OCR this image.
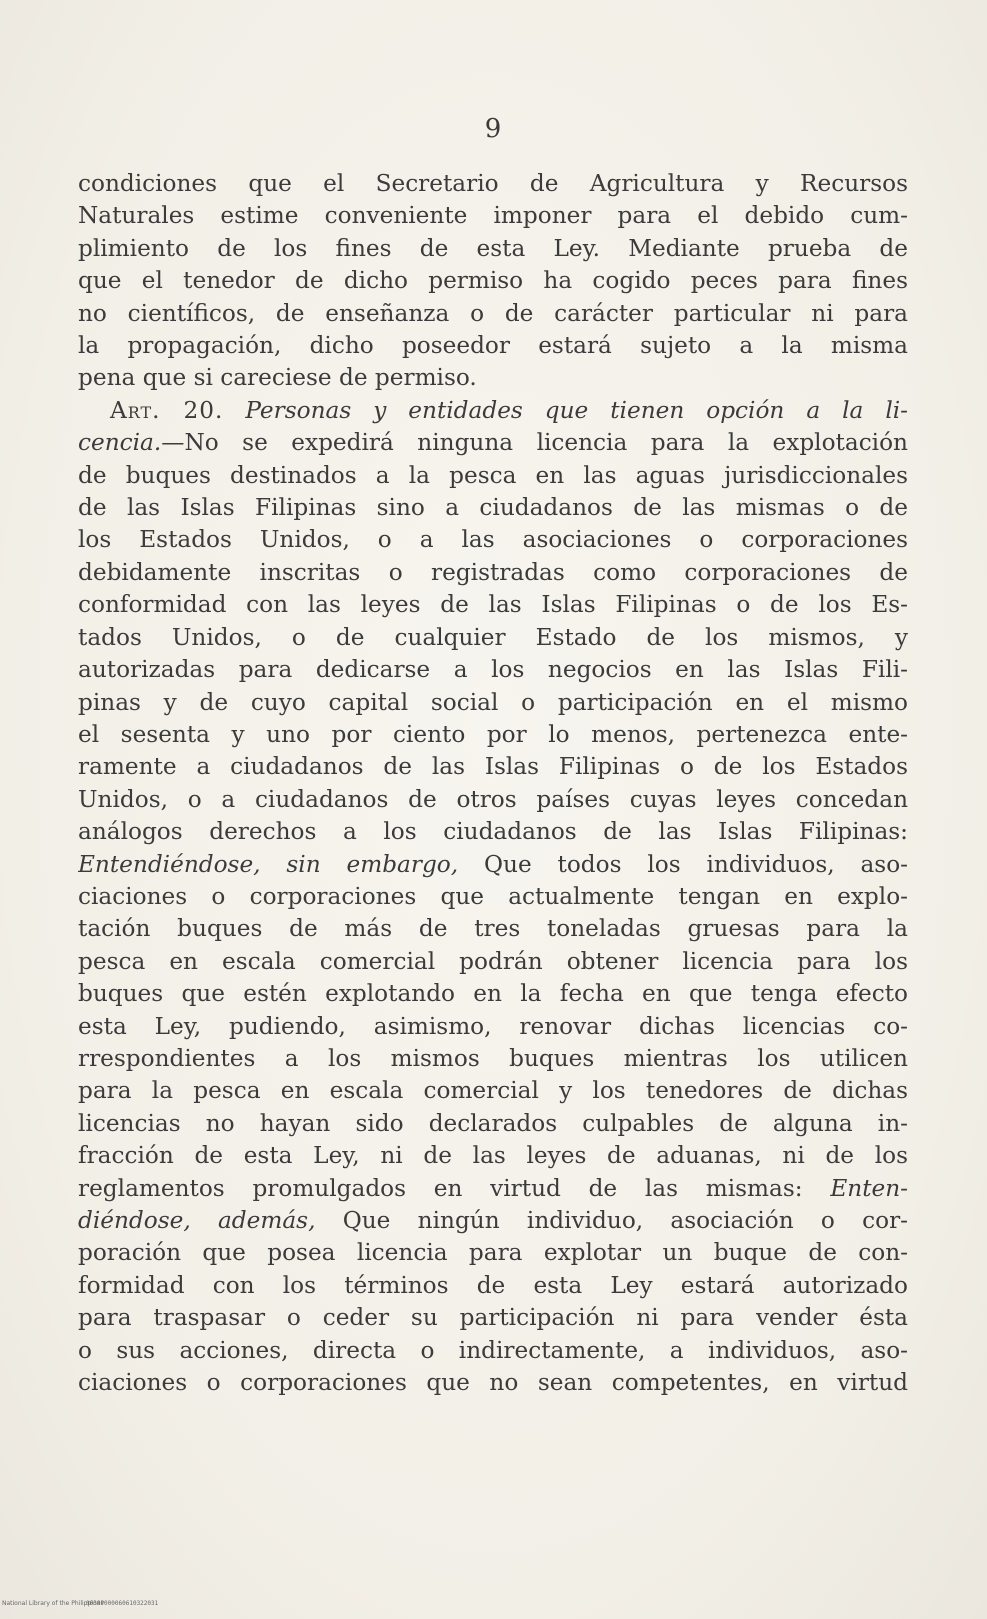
9
condiciones que el Secretario de Agricultura y Recursos
Naturales estime conveniente imponer para el debido cum-
plimiento de los fines de esta Ley. Mediante prueba de
que el tenedor de dicho permiso ha cogido peces para fines
no científicos, de enseñanza o de carácter particular ni para
la propagación, dicho poseedor estará sujeto a la misma
pena que si careciese de permiso.
Art. 20. Personas y entidades que tienen opción a la li-
cencia.—No se expedirá ninguna licencia para la explotación
de buques destinados a la pesca en las aguas jurisdiccionales
de las Islas Filipinas sino a ciudadanos de las mismas o de
los Estados Unidos, o a las asociaciones o corporaciones
debidamente inscritas o registradas como corporaciones de
conformidad con las leyes de las Islas Filipinas o de los Es-
tados Unidos, o de cualquier Estado de los mismos, y
autorizadas para dedicarse a los negocios en las Islas Fili-
pinas y de cuyo capital social o participación en el mismo
el sesenta y uno por ciento por lo menos, pertenezca ente-
ramente a ciudadanos de las Islas Filipinas o de los Estados
Unidos, o a ciudadanos de otros países cuyas leyes concedan
análogos derechos a los ciudadanos de las Islas Filipinas:
Entendiéndose, sin embargo, Que todos los individuos, aso-
ciaciones o corporaciones que actualmente tengan en explo-
tación buques de más de tres toneladas gruesas para la
pesca en escala comercial podrán obtener licencia para los
buques que estén explotando en la fecha en que tenga efecto
esta Ley, pudiendo, asimismo, renovar dichas licencias co-
rrespondientes a los mismos buques mientras los utilicen
para la pesca en escala comercial y los tenedores de dichas
licencias no hayan sido declarados culpables de alguna in-
fracción de esta Ley, ni de las leyes de aduanas, ni de los
reglamentos promulgados en virtud de las mismas: Enten-
diéndose, además, Que ningún individuo, asociación o cor-
poración que posea licencia para explotar un buque de con-
formidad con los términos de esta Ley estará autorizado
para traspasar o ceder su participación ni para vender ésta
o sus acciones, directa o indirectamente, a individuos, aso-
ciaciones o corporaciones que no sean competentes, en virtud
National Library of the Philippines
0038P000060610322031
